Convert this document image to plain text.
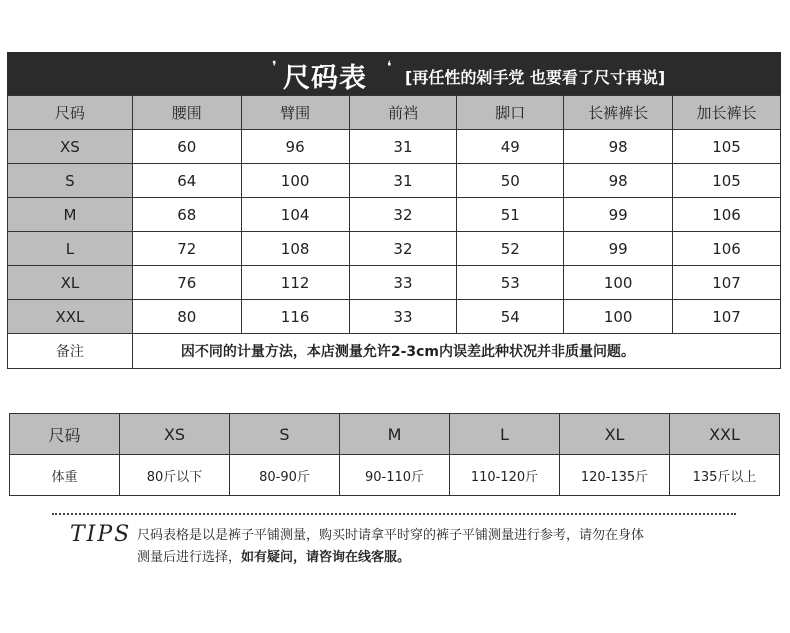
❜ 尺码表 ❛
[再任性的剁手党 也要看了尺寸再说]
尺码	腰围	臂围	前裆	脚口	长裤裤长	加长裤长
XS	60	96	31	49	98	105
S	64	100	31	50	98	105
M	68	104	32	51	99	106
L	72	108	32	52	99	106
XL	76	112	33	53	100	107
XXL	80	116	33	54	100	107
备注	因不同的计量方法，本店测量允许2-3cm内误差此种状况并非质量问题。					
尺码	XS	S	M	L	XL	XXL
体重	80斤以下	80-90斤	90-110斤	110-120斤	120-135斤	135斤以上
TIPS 尺码表格是以是裤子平铺测量，购买时请拿平时穿的裤子平铺测量进行参考，请勿在身体
测量后进行选择，如有疑问，请咨询在线客服。
